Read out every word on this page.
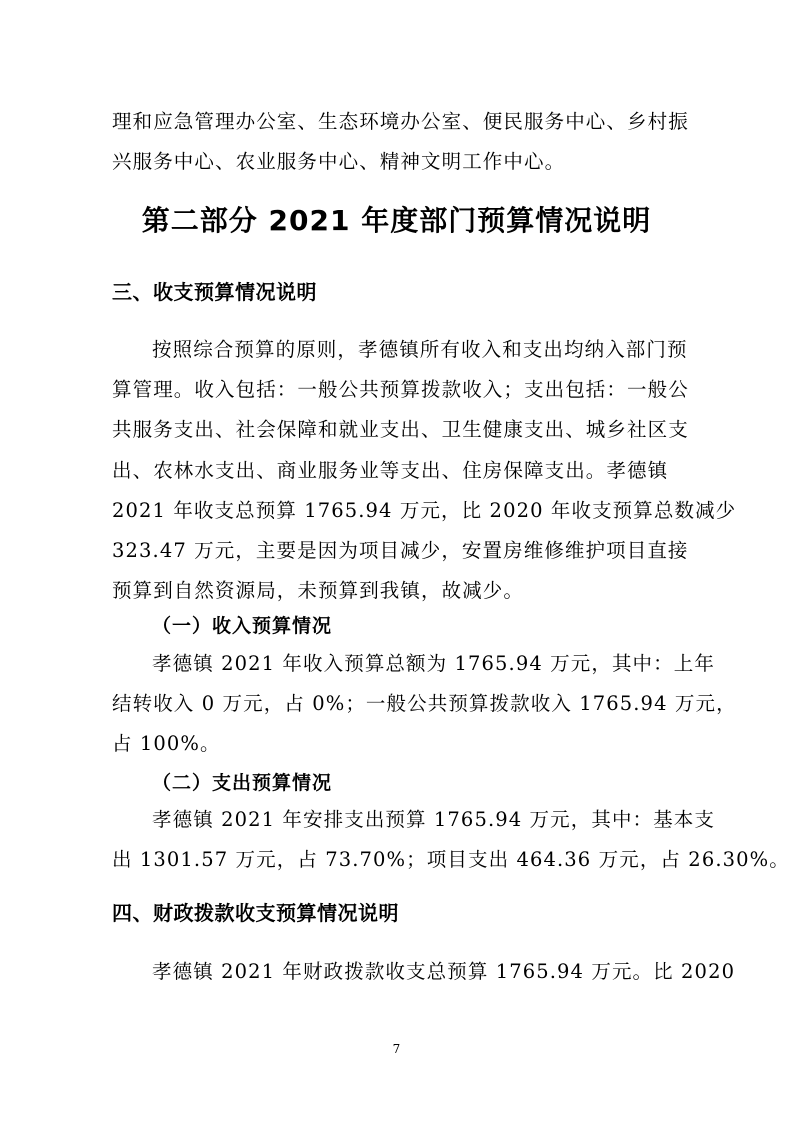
理和应急管理办公室、生态环境办公室、便民服务中心、乡村振
兴服务中心、农业服务中心、精神文明工作中心。
第二部分 2021 年度部门预算情况说明
三、收支预算情况说明
按照综合预算的原则，孝德镇所有收入和支出均纳入部门预
算管理。收入包括：一般公共预算拨款收入；支出包括：一般公
共服务支出、社会保障和就业支出、卫生健康支出、城乡社区支
出、农林水支出、商业服务业等支出、住房保障支出。孝德镇
2021 年收支总预算 1765.94 万元，比 2020 年收支预算总数减少
323.47 万元，主要是因为项目减少，安置房维修维护项目直接
预算到自然资源局，未预算到我镇，故减少。
（一）收入预算情况
孝德镇 2021 年收入预算总额为 1765.94 万元，其中：上年
结转收入 0 万元，占 0%；一般公共预算拨款收入 1765.94 万元，
占 100%。
（二）支出预算情况
孝德镇 2021 年安排支出预算 1765.94 万元，其中：基本支
出 1301.57 万元，占 73.70%；项目支出 464.36 万元，占 26.30%。
四、财政拨款收支预算情况说明
孝德镇 2021 年财政拨款收支总预算 1765.94 万元。比 2020
7
